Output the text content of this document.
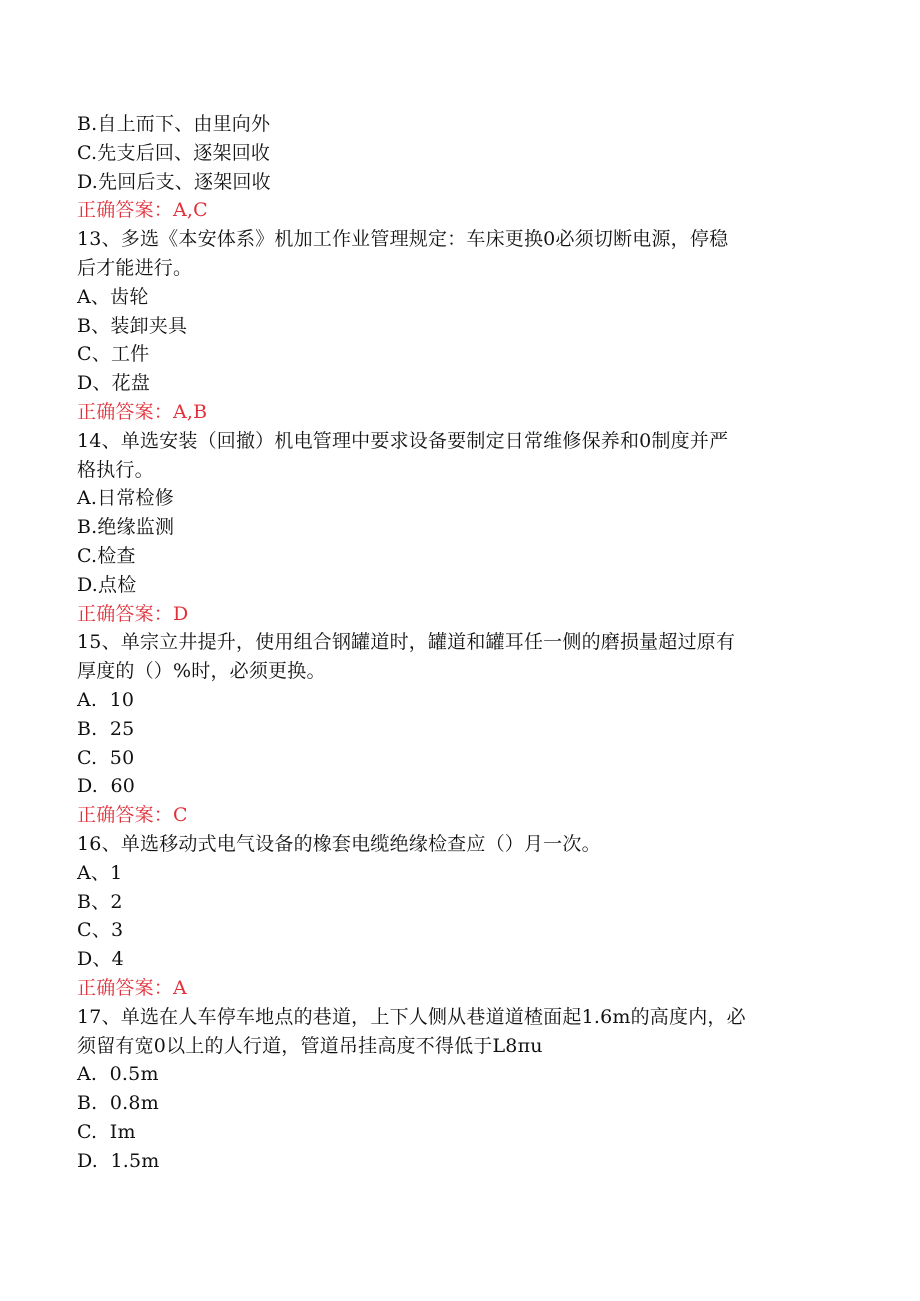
B.自上而下、由里向外
C.先支后回、逐架回收
D.先回后支、逐架回收
正确答案：A,C
13、多选《本安体系》机加工作业管理规定：车床更换0必须切断电源，停稳
后才能进行。
A、齿轮
B、装卸夹具
C、工件
D、花盘
正确答案：A,B
14、单选安装（回撤）机电管理中要求设备要制定日常维修保养和0制度并严
格执行。
A.日常检修
B.绝缘监测
C.检查
D.点检
正确答案：D
15、单宗立井提升，使用组合钢罐道时，罐道和罐耳任一侧的磨损量超过原有
厚度的（）%时，必须更换。
A.  10
B.  25
C.  50
D.  60
正确答案：C
16、单选移动式电气设备的橡套电缆绝缘检查应（）月一次。
A、1
B、2
C、3
D、4
正确答案：A
17、单选在人车停车地点的巷道，上下人侧从巷道道楂面起1.6m的高度内，必
须留有宽0以上的人行道，管道吊挂高度不得低于L8πu
A.  0.5m
B.  0.8m
C.  Im
D.  1.5m
